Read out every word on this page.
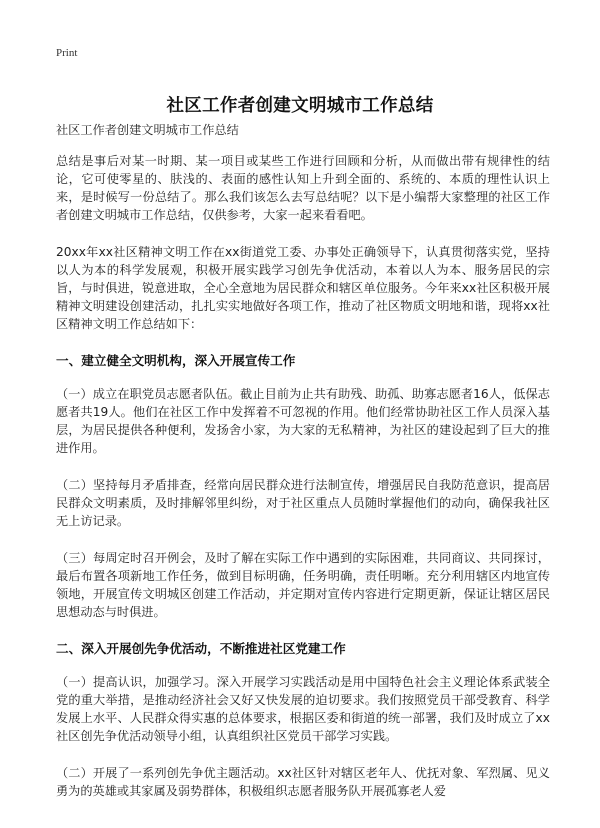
Print
社区工作者创建文明城市工作总结

社区工作者创建文明城市工作总结

总结是事后对某一时期、某一项目或某些工作进行回顾和分析，从而做出带有规律性的结论，它可使零星的、肤浅的、表面的感性认知上升到全面的、系统的、本质的理性认识上来，是时候写一份总结了。那么我们该怎么去写总结呢？以下是小编帮大家整理的社区工作者创建文明城市工作总结，仅供参考，大家一起来看看吧。

20xx年xx社区精神文明工作在xx街道党工委、办事处正确领导下，认真贯彻落实党，坚持以人为本的科学发展观，积极开展实践学习创先争优活动，本着以人为本、服务居民的宗旨，与时俱进，锐意进取，全心全意地为居民群众和辖区单位服务。今年来xx社区积极开展精神文明建设创建活动，扎扎实实地做好各项工作，推动了社区物质文明地和谐，现将xx社区精神文明工作总结如下：

一、建立健全文明机构，深入开展宣传工作

（一）成立在职党员志愿者队伍。截止目前为止共有助残、助孤、助寡志愿者16人，低保志愿者共19人。他们在社区工作中发挥着不可忽视的作用。他们经常协助社区工作人员深入基层，为居民提供各种便利，发扬舍小家，为大家的无私精神，为社区的建设起到了巨大的推进作用。

（二）坚持每月矛盾排查，经常向居民群众进行法制宣传，增强居民自我防范意识，提高居民群众文明素质，及时排解邻里纠纷，对于社区重点人员随时掌握他们的动向，确保我社区无上访记录。

（三）每周定时召开例会，及时了解在实际工作中遇到的实际困难，共同商议、共同探讨，最后布置各项新地工作任务，做到目标明确，任务明确，责任明晰。充分利用辖区内地宣传领地，开展宣传文明城区创建工作活动，并定期对宣传内容进行定期更新，保证让辖区居民思想动态与时俱进。

二、深入开展创先争优活动，不断推进社区党建工作

（一）提高认识，加强学习。深入开展学习实践活动是用中国特色社会主义理论体系武装全党的重大举措，是推动经济社会又好又快发展的迫切要求。我们按照党员干部受教育、科学发展上水平、人民群众得实惠的总体要求，根据区委和街道的统一部署，我们及时成立了xx社区创先争优活动领导小组，认真组织社区党员干部学习实践。

（二）开展了一系列创先争优主题活动。xx社区针对辖区老年人、优抚对象、军烈属、见义勇为的英雄或其家属及弱势群体，积极组织志愿者服务队开展孤寡老人爱
